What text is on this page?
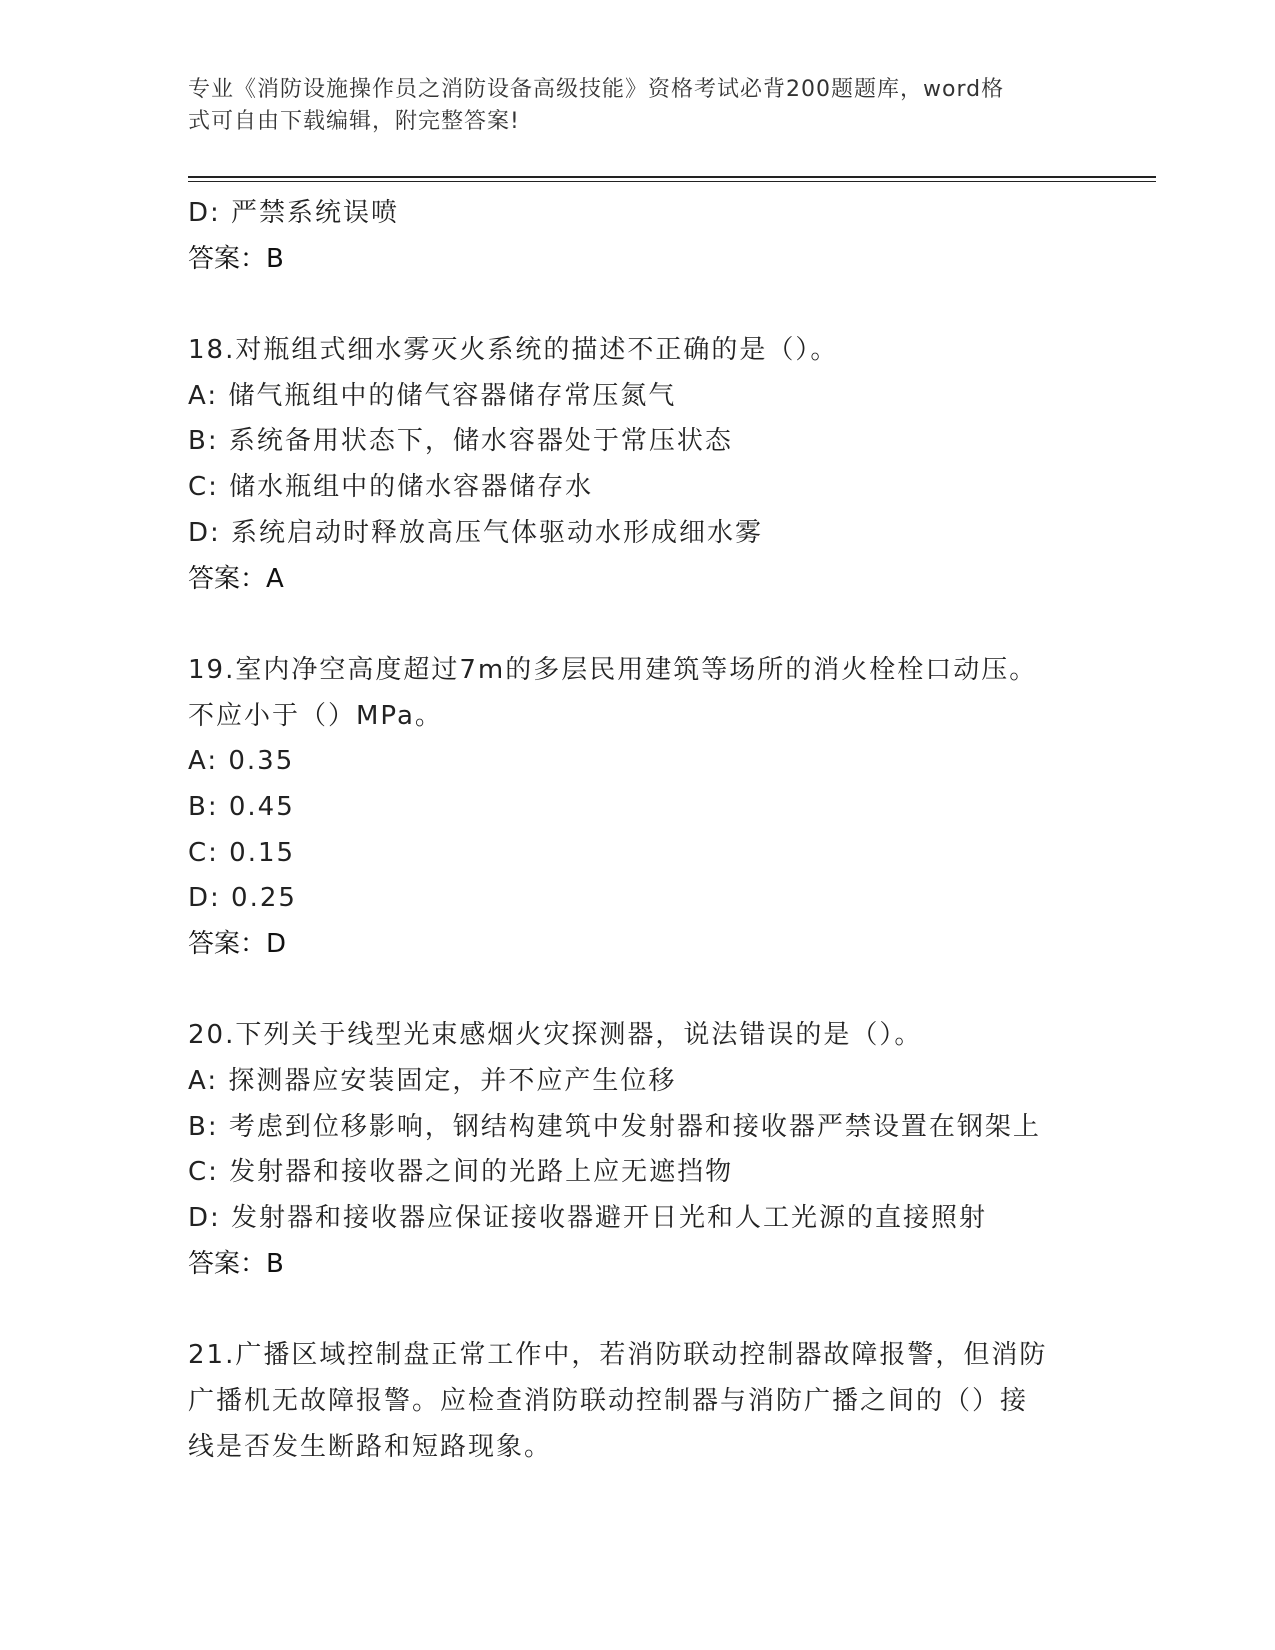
专业《消防设施操作员之消防设备高级技能》资格考试必背200题题库，word格
式可自由下载编辑，附完整答案!
D: 严禁系统误喷
答案：B
18.对瓶组式细水雾灭火系统的描述不正确的是（）。
A: 储气瓶组中的储气容器储存常压氮气
B: 系统备用状态下，储水容器处于常压状态
C: 储水瓶组中的储水容器储存水
D: 系统启动时释放高压气体驱动水形成细水雾
答案：A
19.室内净空高度超过7m的多层民用建筑等场所的消火栓栓口动压。
不应小于（）MPa。
A: 0.35
B: 0.45
C: 0.15
D: 0.25
答案：D
20.下列关于线型光束感烟火灾探测器，说法错误的是（）。
A: 探测器应安装固定，并不应产生位移
B: 考虑到位移影响，钢结构建筑中发射器和接收器严禁设置在钢架上
C: 发射器和接收器之间的光路上应无遮挡物
D: 发射器和接收器应保证接收器避开日光和人工光源的直接照射
答案：B
21.广播区域控制盘正常工作中，若消防联动控制器故障报警，但消防
广播机无故障报警。应检查消防联动控制器与消防广播之间的（）接
线是否发生断路和短路现象。
